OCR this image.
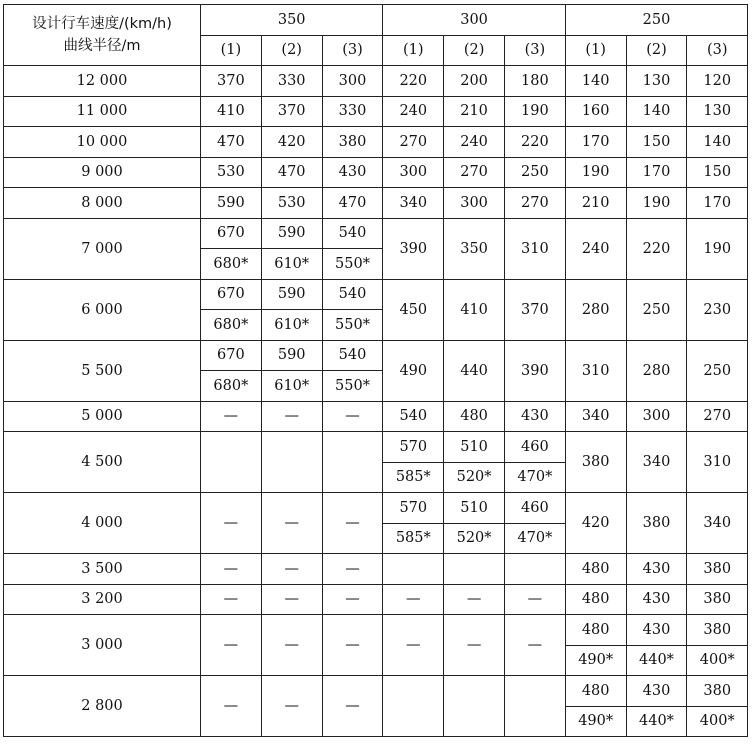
设计行车速度/(km/h)
曲线半径/m	350			300			250		
	(1)	(2)	(3)	(1)	(2)	(3)	(1)	(2)	(3)
12 000	370	330	300	220	200	180	140	130	120
11 000	410	370	330	240	210	190	160	140	130
10 000	470	420	380	270	240	220	170	150	140
9 000	530	470	430	300	270	250	190	170	150
8 000	590	530	470	340	300	270	210	190	170
7 000	670	590	540	390	350	310	240	220	190
	680*	610*	550*						
6 000	670	590	540	450	410	370	280	250	230
	680*	610*	550*						
5 500	670	590	540	490	440	390	310	280	250
	680*	610*	550*						
5 000	—	—	—	540	480	430	340	300	270
4 500				570	510	460	380	340	310
				585*	520*	470*			
4 000	—	—	—	570	510	460	420	380	340
				585*	520*	470*			
3 500	—	—	—				480	430	380
3 200	—	—	—	—	—	—	480	430	380
3 000	—	—	—	—	—	—	480	430	380
							490*	440*	400*
2 800	—	—	—				480	430	380
							490*	440*	400*
